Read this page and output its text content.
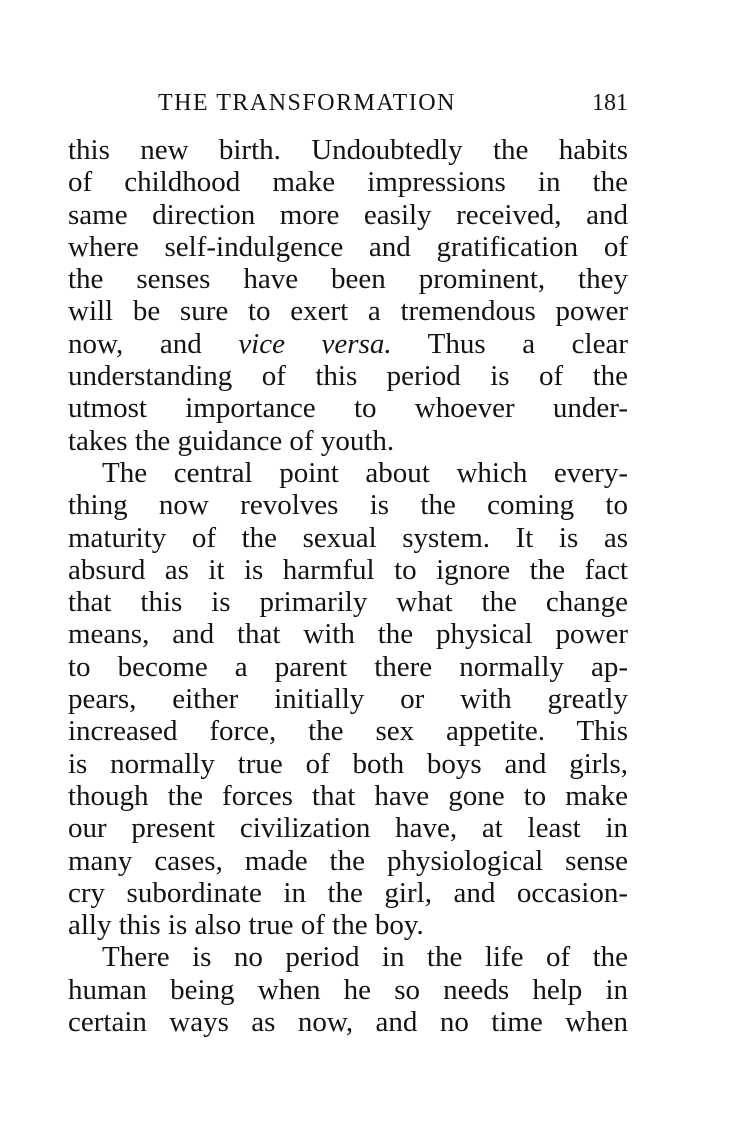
THE TRANSFORMATION	181
this new birth. Undoubtedly the habits
of childhood make impressions in the
same direction more easily received, and
where self-indulgence and gratification of
the senses have been prominent, they
will be sure to exert a tremendous power
now, and vice versa. Thus a clear
understanding of this period is of the
utmost importance to whoever under-
takes the guidance of youth.
The central point about which every-
thing now revolves is the coming to
maturity of the sexual system. It is as
absurd as it is harmful to ignore the fact
that this is primarily what the change
means, and that with the physical power
to become a parent there normally ap-
pears, either initially or with greatly
increased force, the sex appetite. This
is normally true of both boys and girls,
though the forces that have gone to make
our present civilization have, at least in
many cases, made the physiological sense
cry subordinate in the girl, and occasion-
ally this is also true of the boy.
There is no period in the life of the
human being when he so needs help in
certain ways as now, and no time when
